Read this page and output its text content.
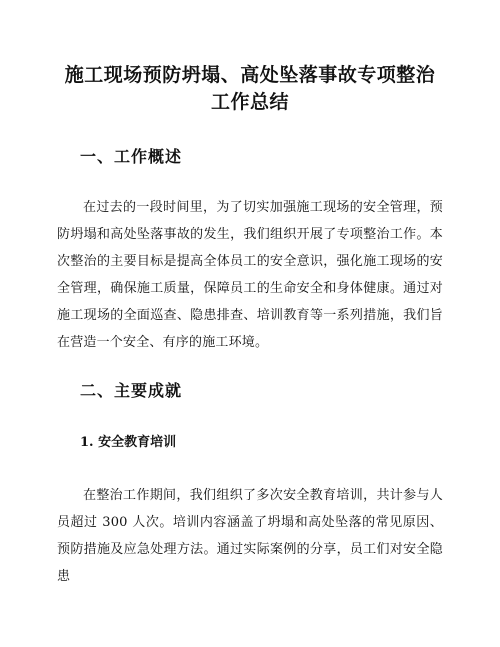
施工现场预防坍塌、高处坠落事故专项整治工作总结
一、工作概述

在过去的一段时间里，为了切实加强施工现场的安全管理，预防坍塌和高处坠落事故的发生，我们组织开展了专项整治工作。本次整治的主要目标是提高全体员工的安全意识，强化施工现场的安全管理，确保施工质量，保障员工的生命安全和身体健康。通过对施工现场的全面巡查、隐患排查、培训教育等一系列措施，我们旨在营造一个安全、有序的施工环境。

二、主要成就
1. 安全教育培训

在整治工作期间，我们组织了多次安全教育培训，共计参与人员超过 300 人次。培训内容涵盖了坍塌和高处坠落的常见原因、预防措施及应急处理方法。通过实际案例的分享，员工们对安全隐患
